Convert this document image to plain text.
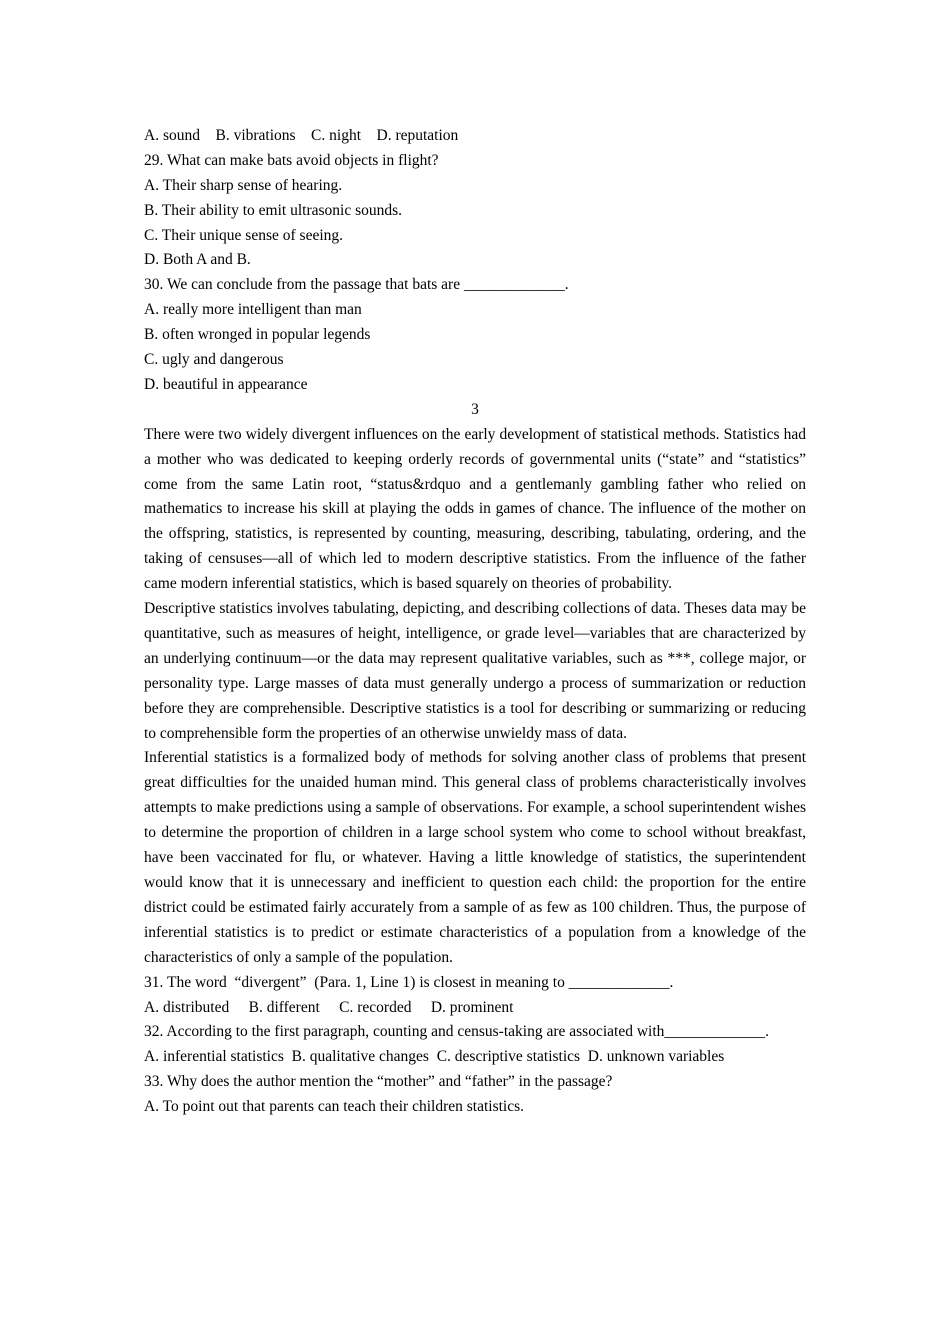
A. sound    B. vibrations    C. night    D. reputation

29. What can make bats avoid objects in flight?

A. Their sharp sense of hearing.

B. Their ability to emit ultrasonic sounds.

C. Their unique sense of seeing.

D. Both A and B.

30. We can conclude from the passage that bats are _____________.

A. really more intelligent than man

B. often wronged in popular legends

C. ugly and dangerous

D. beautiful in appearance

3

There were two widely divergent influences on the early development of statistical methods. Statistics had a mother who was dedicated to keeping orderly records of governmental units (“state” and “statistics” come from the same Latin root, “status&rdquo and a gentlemanly gambling father who relied on mathematics to increase his skill at playing the odds in games of chance. The influence of the mother on the offspring, statistics, is represented by counting, measuring, describing, tabulating, ordering, and the taking of censuses—all of which led to modern descriptive statistics. From the influence of the father came modern inferential statistics, which is based squarely on theories of probability.

Descriptive statistics involves tabulating, depicting, and describing collections of data. Theses data may be quantitative, such as measures of height, intelligence, or grade level—variables that are characterized by an underlying continuum—or the data may represent qualitative variables, such as ***, college major, or personality type. Large masses of data must generally undergo a process of summarization or reduction before they are comprehensible. Descriptive statistics is a tool for describing or summarizing or reducing to comprehensible form the properties of an otherwise unwieldy mass of data.

Inferential statistics is a formalized body of methods for solving another class of problems that present great difficulties for the unaided human mind. This general class of problems characteristically involves attempts to make predictions using a sample of observations. For example, a school superintendent wishes to determine the proportion of children in a large school system who come to school without breakfast, have been vaccinated for flu, or whatever. Having a little knowledge of statistics, the superintendent would know that it is unnecessary and inefficient to question each child: the proportion for the entire district could be estimated fairly accurately from a sample of as few as 100 children. Thus, the purpose of inferential statistics is to predict or estimate characteristics of a population from a knowledge of the characteristics of only a sample of the population.

31. The word  “divergent”  (Para. 1, Line 1) is closest in meaning to _____________.

A. distributed     B. different     C. recorded     D. prominent

32. According to the first paragraph, counting and census-taking are associated with_____________.

A. inferential statistics  B. qualitative changes  C. descriptive statistics  D. unknown variables

33. Why does the author mention the “mother” and “father” in the passage?

A. To point out that parents can teach their children statistics.
